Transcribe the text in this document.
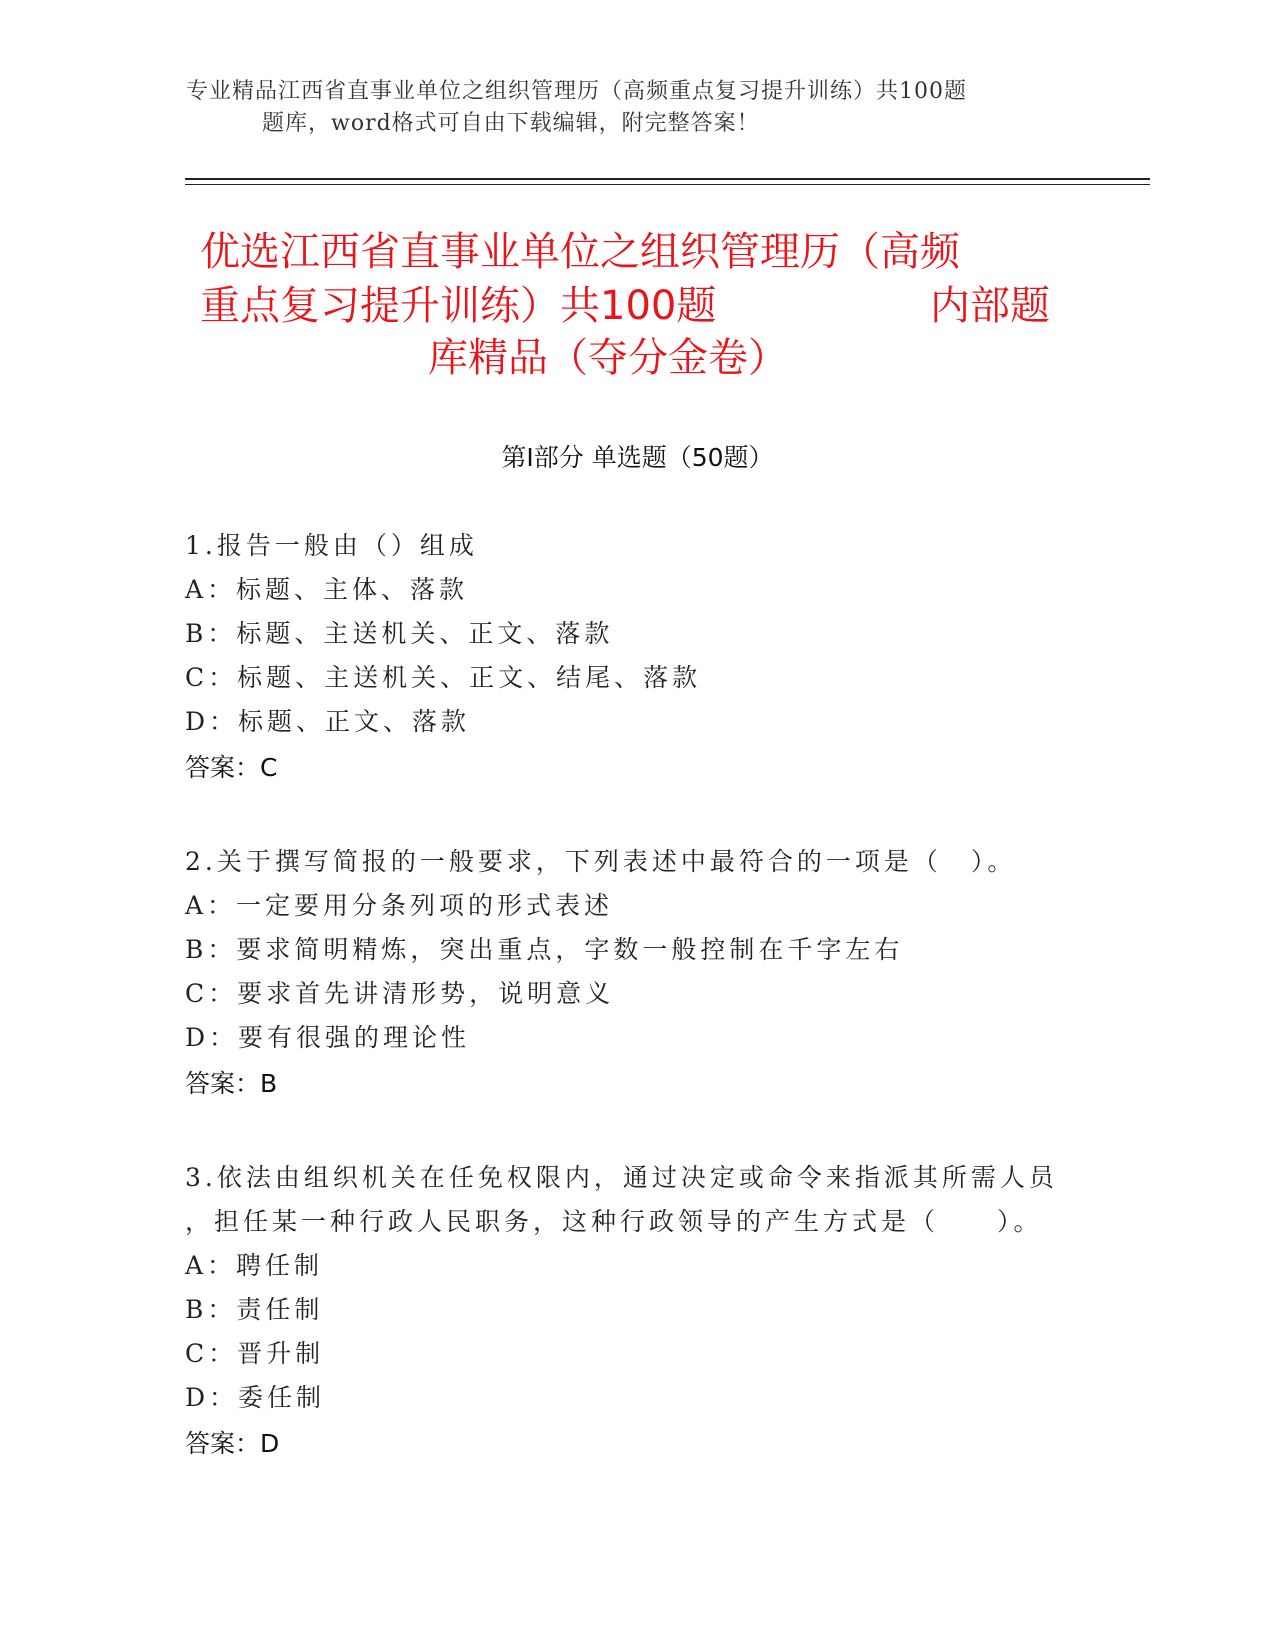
专业精品江西省直事业单位之组织管理历（高频重点复习提升训练）共100题
题库，word格式可自由下载编辑，附完整答案！
优选江西省直事业单位之组织管理历（高频
重点复习提升训练）共100题	内部题
库精品（夺分金卷）
第Ⅰ部分 单选题（50题）
1.报告一般由（）组成
A：标题、主体、落款
B：标题、主送机关、正文、落款
C：标题、主送机关、正文、结尾、落款
D：标题、正文、落款
答案：C
2.关于撰写简报的一般要求，下列表述中最符合的一项是（　）。
A：一定要用分条列项的形式表述
B：要求简明精炼，突出重点，字数一般控制在千字左右
C：要求首先讲清形势，说明意义
D：要有很强的理论性
答案：B
3.依法由组织机关在任免权限内，通过决定或命令来指派其所需人员
，担任某一种行政人民职务，这种行政领导的产生方式是（　　）。
A：聘任制
B：责任制
C：晋升制
D：委任制
答案：D
